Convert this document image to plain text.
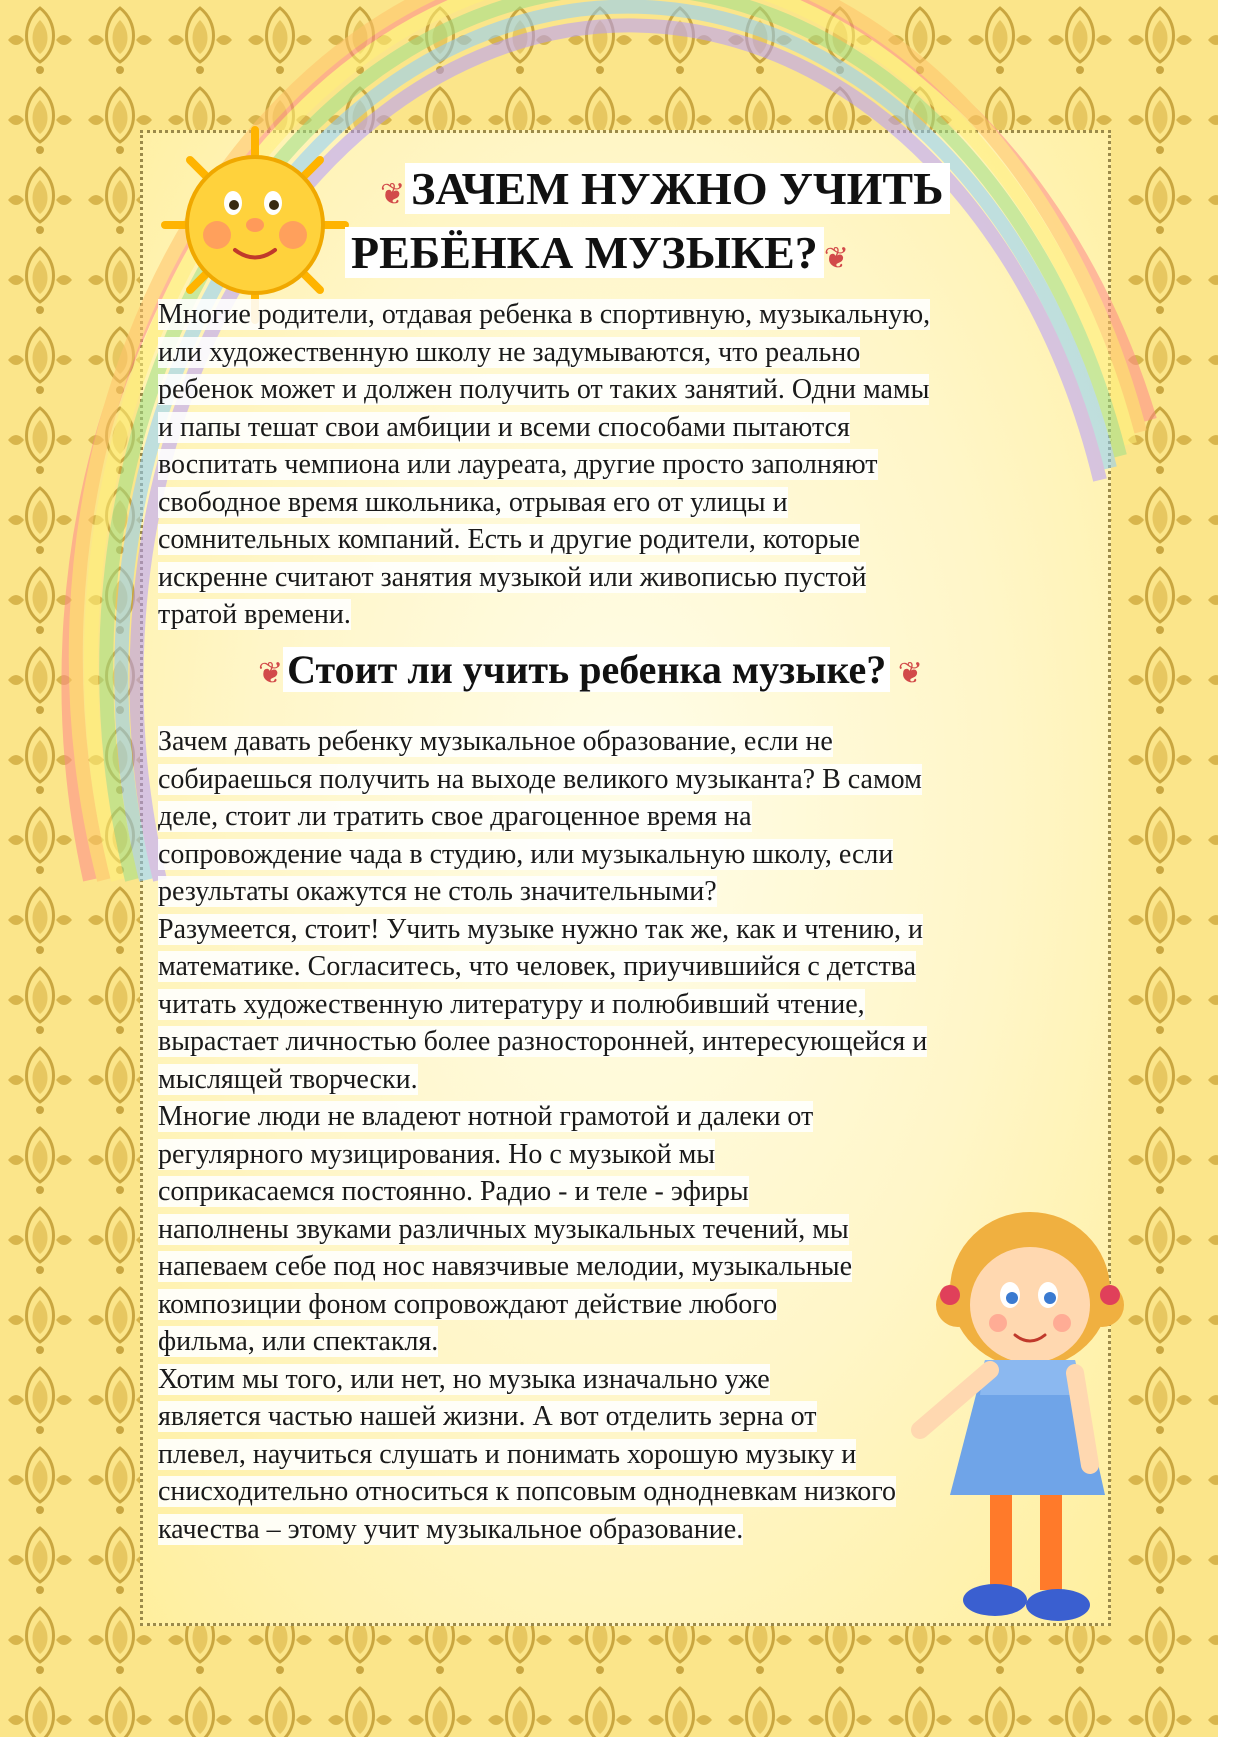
❦ ЗАЧЕМ НУЖНО УЧИТЬ
РЕБЁНКА МУЗЫКЕ? ❦
Многие родители, отдавая ребенка в спортивную, музыкальную,
или художественную школу не задумываются, что реально
ребенок может и должен получить от таких занятий. Одни мамы
и папы тешат свои амбиции и всеми способами пытаются
воспитать чемпиона или лауреата, другие просто заполняют
свободное время школьника, отрывая его от улицы и
сомнительных компаний. Есть и другие родители, которые
искренне считают занятия музыкой или живописью пустой
тратой времени.
❦ Стоит ли учить ребенка музыке? ❦
Зачем давать ребенку музыкальное образование, если не
собираешься получить на выходе великого музыканта? В самом
деле, стоит ли тратить свое драгоценное время на
сопровождение чада в студию, или музыкальную школу, если
результаты окажутся не столь значительными?
Разумеется, стоит! Учить музыке нужно так же, как и чтению, и
математике. Согласитесь, что человек, приучившийся с детства
читать художественную литературу и полюбивший чтение,
вырастает личностью более разносторонней, интересующейся и
мыслящей творчески.
Многие люди не владеют нотной грамотой и далеки от
регулярного музицирования. Но с музыкой мы
соприкасаемся постоянно. Радио - и теле - эфиры
наполнены звуками различных музыкальных течений, мы
напеваем себе под нос навязчивые мелодии, музыкальные
композиции фоном сопровождают действие любого
фильма, или спектакля.
Хотим мы того, или нет, но музыка изначально уже
является частью нашей жизни. А вот отделить зерна от
плевел, научиться слушать и понимать хорошую музыку и
снисходительно относиться к попсовым однодневкам низкого
качества – этому учит музыкальное образование.
